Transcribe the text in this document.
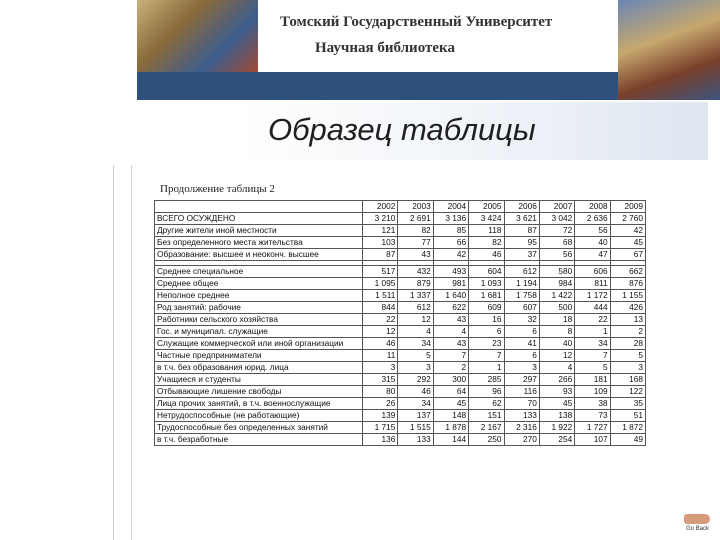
Томский Государственный Университет
Научная библиотека
Образец таблицы
Продолжение таблицы 2
	2002	2003	2004	2005	2006	2007	2008	2009
ВСЕГО ОСУЖДЕНО	3 210	2 691	3 136	3 424	3 621	3 042	2 636	2 760
Другие жители иной местности	121	82	85	118	87	72	56	42
Без определенного места жительства	103	77	66	82	95	68	40	45
Образование: высшее и неоконч. высшее	87	43	42	46	37	56	47	67

Среднее специальное	517	432	493	604	612	580	606	662
Среднее общее	1 095	879	981	1 093	1 194	984	811	876
Неполное среднее	1 511	1 337	1 640	1 681	1 758	1 422	1 172	1 155
Род занятий: рабочие	844	612	622	609	607	500	444	426
Работники сельского хозяйства	22	12	43	16	32	18	22	13
Гос. и муниципал. служащие	12	4	4	6	6	8	1	2
Служащие коммерческой или иной организации	46	34	43	23	41	40	34	28
Частные предприниматели	11	5	7	7	6	12	7	5
в т.ч. без образования юрид. лица	3	3	2	1	3	4	5	3
Учащиеся и студенты	315	292	300	285	297	266	181	168
Отбывающие лишение свободы	80	46	64	96	116	93	109	122
Лица прочих занятий, в т.ч. военнослужащие	26	34	45	62	70	45	38	35
Нетрудоспособные (не работающие)	139	137	148	151	133	138	73	51
Трудоспособные без определенных занятий	1 715	1 515	1 878	2 167	2 316	1 922	1 727	1 872
в т.ч. безработные	136	133	144	250	270	254	107	49
Go Back
